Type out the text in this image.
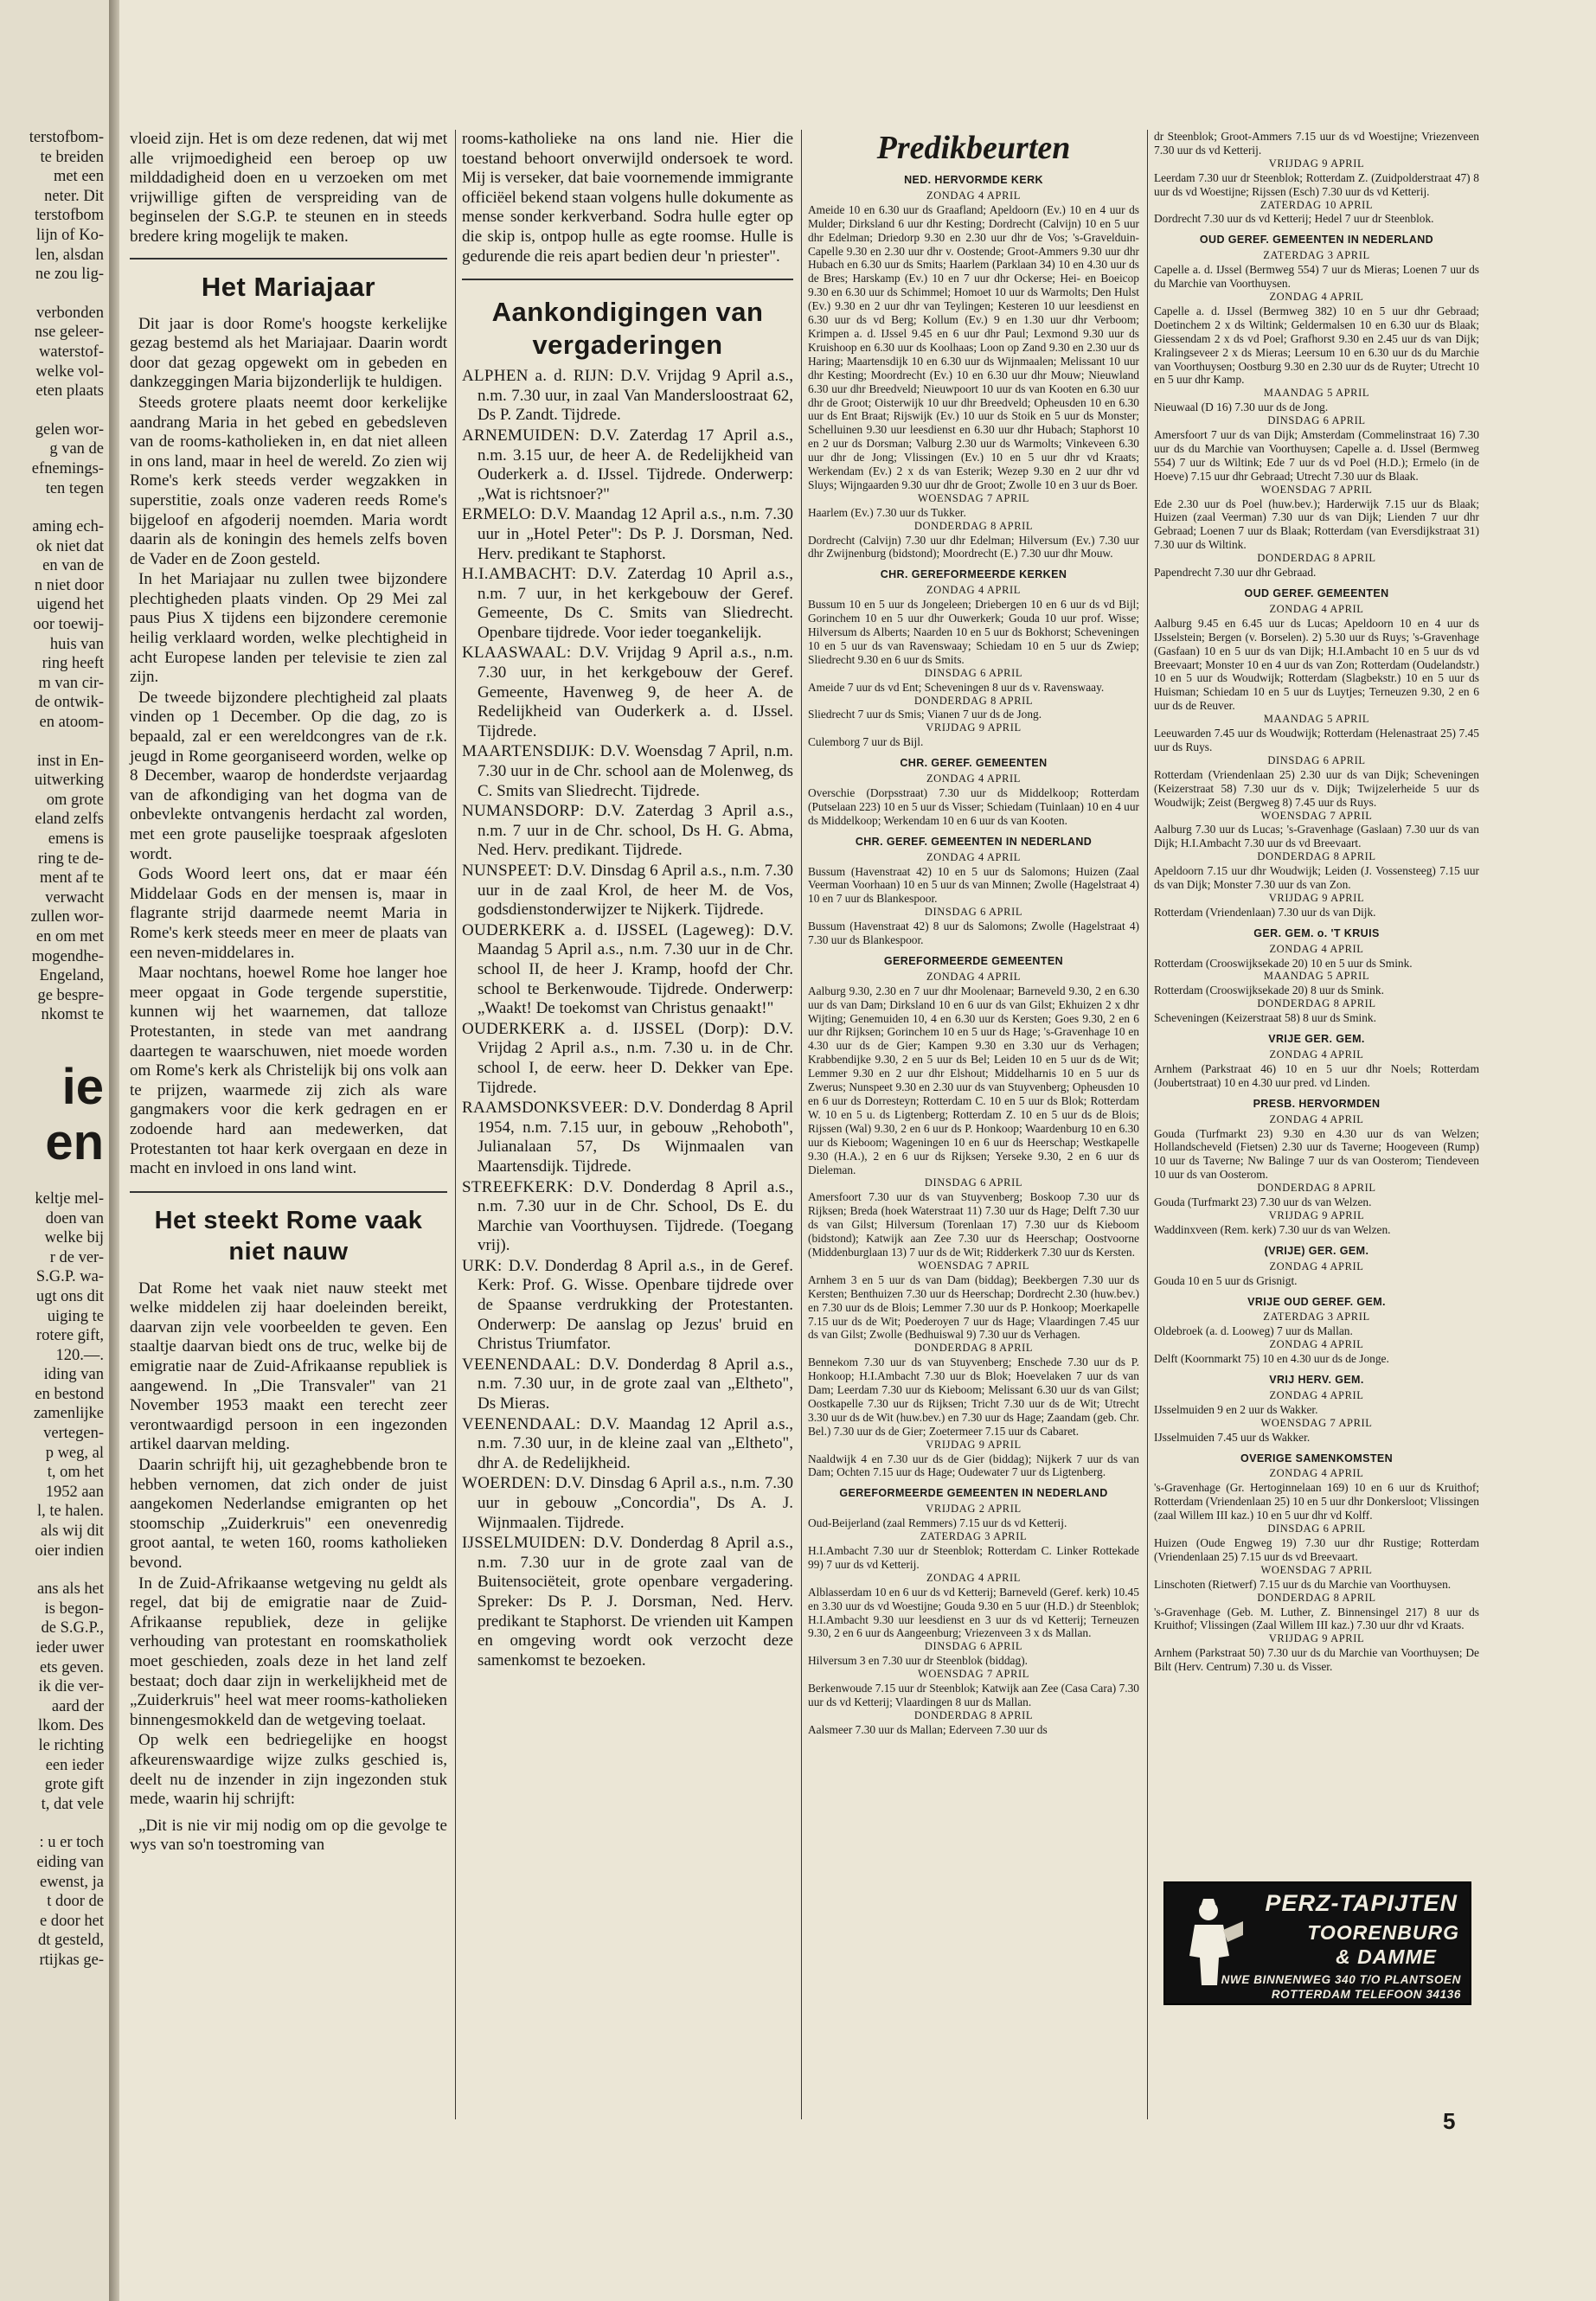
terstofbom-
te breiden
met een
neter. Dit
terstofbom
lijn of Ko-
len, alsdan
ne zou lig-
verbonden
nse geleer-
waterstof-
welke vol-
eten plaats
gelen wor-
g van de
efnemings-
ten tegen
aming ech-
ok niet dat
en van de
n niet door
uigend het
oor toewij-
huis van
ring heeft
m van cir-
de ontwik-
en atoom-
inst in En-
uitwerking
om grote
eland zelfs
emens is
ring te de-
ment af te
verwacht
zullen wor-
en om met
mogendhe-
Engeland,
ge bespre-
nkomst te
ie
en
keltje mel-
doen van
welke bij
r de ver-
S.G.P. wa-
ugt ons dit
uiging te
rotere gift,
120.—.
iding van
en bestond
zamenlijke
vertegen-
p weg, al
t, om het
1952 aan
l, te halen.
als wij dit
oier indien
ans als het
is begon-
de S.G.P.,
ieder uwer
ets geven.
ik die ver-
aard der
lkom. Des
le richting
een ieder
grote gift
t, dat vele
: u er toch
eiding van
ewenst, ja
t door de
e door het
dt gesteld,
rtijkas ge-

vloeid zijn. Het is om deze redenen, dat wij met alle vrijmoedigheid een beroep op uw milddadigheid doen en u verzoeken om met vrijwillige giften de verspreiding van de beginselen der S.G.P. te steunen en in steeds bredere kring mogelijk te maken.

Het Mariajaar

Dit jaar is door Rome's hoogste kerkelijke gezag bestemd als het Mariajaar. Daarin wordt door dat gezag opgewekt om in gebeden en dankzeggingen Maria bijzonderlijk te huldigen.

Steeds grotere plaats neemt door kerkelijke aandrang Maria in het gebed en gebedsleven van de rooms-katholieken in, en dat niet alleen in ons land, maar in heel de wereld. Zo zien wij Rome's kerk steeds verder wegzakken in superstitie, zoals onze vaderen reeds Rome's bijgeloof en afgoderij noemden. Maria wordt daarin als de koningin des hemels zelfs boven de Vader en de Zoon gesteld.

In het Mariajaar nu zullen twee bijzondere plechtigheden plaats vinden. Op 29 Mei zal paus Pius X tijdens een bijzondere ceremonie heilig verklaard worden, welke plechtigheid in acht Europese landen per televisie te zien zal zijn.

De tweede bijzondere plechtigheid zal plaats vinden op 1 December. Op die dag, zo is bepaald, zal er een wereldcongres van de r.k. jeugd in Rome georganiseerd worden, welke op 8 December, waarop de honderdste verjaardag van de afkondiging van het dogma van de onbevlekte ontvangenis herdacht zal worden, met een grote pauselijke toespraak afgesloten wordt.

Gods Woord leert ons, dat er maar één Middelaar Gods en der mensen is, maar in flagrante strijd daarmede neemt Maria in Rome's kerk steeds meer en meer de plaats van een neven-middelares in.

Maar nochtans, hoewel Rome hoe langer hoe meer opgaat in Gode tergende superstitie, kunnen wij het waarnemen, dat talloze Protestanten, in stede van met aandrang daartegen te waarschuwen, niet moede worden om Rome's kerk als Christelijk bij ons volk aan te prijzen, waarmede zij zich als ware gangmakers voor die kerk gedragen en er zodoende hard aan medewerken, dat Protestanten tot haar kerk overgaan en deze in macht en invloed in ons land wint.

Het steekt Rome vaak niet nauw

Dat Rome het vaak niet nauw steekt met welke middelen zij haar doeleinden bereikt, daarvan zijn vele voorbeelden te geven. Een staaltje daarvan biedt ons de truc, welke bij de emigratie naar de Zuid-Afrikaanse republiek is aangewend. In „Die Transvaler" van 21 November 1953 maakt een terecht zeer verontwaardigd persoon in een ingezonden artikel daarvan melding.

Daarin schrijft hij, uit gezaghebbende bron te hebben vernomen, dat zich onder de juist aangekomen Nederlandse emigranten op het stoomschip „Zuiderkruis" een onevenredig groot aantal, te weten 160, rooms katholieken bevond.

In de Zuid-Afrikaanse wetgeving nu geldt als regel, dat bij de emigratie naar de Zuid-Afrikaanse republiek, deze in gelijke verhouding van protestant en roomskatholiek moet geschieden, zoals deze in het land zelf bestaat; doch daar zijn in werkelijkheid met de „Zuiderkruis" heel wat meer rooms-katholieken binnengesmokkeld dan de wetgeving toelaat.

Op welk een bedriegelijke en hoogst afkeurenswaardige wijze zulks geschied is, deelt nu de inzender in zijn ingezonden stuk mede, waarin hij schrijft:

„Dit is nie vir mij nodig om op die gevolge te wys van so'n toestroming van

rooms-katholieke na ons land nie. Hier die toestand behoort onverwijld ondersoek te word. Mij is verseker, dat baie voornemende immigrante officiëel bekend staan volgens hulle dokumente as mense sonder kerkverband. Sodra hulle egter op die skip is, ontpop hulle as egte roomse. Hulle is gedurende die reis apart bedien deur 'n priester".

Aankondigingen van vergaderingen
ALPHEN a. d. RIJN: D.V. Vrijdag 9 April a.s., n.m. 7.30 uur, in zaal Van Mandersloostraat 62, Ds P. Zandt. Tijdrede.
ARNEMUIDEN: D.V. Zaterdag 17 April a.s., n.m. 3.15 uur, de heer A. de Redelijkheid van Ouderkerk a. d. IJssel. Tijdrede. Onderwerp: „Wat is richtsnoer?"
ERMELO: D.V. Maandag 12 April a.s., n.m. 7.30 uur in „Hotel Peter": Ds P. J. Dorsman, Ned. Herv. predikant te Staphorst.
H.I.AMBACHT: D.V. Zaterdag 10 April a.s., n.m. 7 uur, in het kerkgebouw der Geref. Gemeente, Ds C. Smits van Sliedrecht. Openbare tijdrede. Voor ieder toegankelijk.
KLAASWAAL: D.V. Vrijdag 9 April a.s., n.m. 7.30 uur, in het kerkgebouw der Geref. Gemeente, Havenweg 9, de heer A. de Redelijkheid van Ouderkerk a. d. IJssel. Tijdrede.
MAARTENSDIJK: D.V. Woensdag 7 April, n.m. 7.30 uur in de Chr. school aan de Molenweg, ds C. Smits van Sliedrecht. Tijdrede.
NUMANSDORP: D.V. Zaterdag 3 April a.s., n.m. 7 uur in de Chr. school, Ds H. G. Abma, Ned. Herv. predikant. Tijdrede.
NUNSPEET: D.V. Dinsdag 6 April a.s., n.m. 7.30 uur in de zaal Krol, de heer M. de Vos, godsdienstonderwijzer te Nijkerk. Tijdrede.
OUDERKERK a. d. IJSSEL (Lageweg): D.V. Maandag 5 April a.s., n.m. 7.30 uur in de Chr. school II, de heer J. Kramp, hoofd der Chr. school te Berkenwoude. Tijdrede. Onderwerp: „Waakt! De toekomst van Christus genaakt!"
OUDERKERK a. d. IJSSEL (Dorp): D.V. Vrijdag 2 April a.s., n.m. 7.30 u. in de Chr. school I, de eerw. heer D. Dekker van Epe. Tijdrede.
RAAMSDONKSVEER: D.V. Donderdag 8 April 1954, n.m. 7.15 uur, in gebouw „Rehoboth", Julianalaan 57, Ds Wijnmaalen van Maartensdijk. Tijdrede.
STREEFKERK: D.V. Donderdag 8 April a.s., n.m. 7.30 uur in de Chr. School, Ds E. du Marchie van Voorthuysen. Tijdrede. (Toegang vrij).
URK: D.V. Donderdag 8 April a.s., in de Geref. Kerk: Prof. G. Wisse. Openbare tijdrede over de Spaanse verdrukking der Protestanten. Onderwerp: De aanslag op Jezus' bruid en Christus Triumfator.
VEENENDAAL: D.V. Donderdag 8 April a.s., n.m. 7.30 uur, in de grote zaal van „Eltheto", Ds Mieras.
VEENENDAAL: D.V. Maandag 12 April a.s., n.m. 7.30 uur, in de kleine zaal van „Eltheto", dhr A. de Redelijkheid.
WOERDEN: D.V. Dinsdag 6 April a.s., n.m. 7.30 uur in gebouw „Concordia", Ds A. J. Wijnmaalen. Tijdrede.
IJSSELMUIDEN: D.V. Donderdag 8 April a.s., n.m. 7.30 uur in de grote zaal van de Buitensociëteit, grote openbare vergadering. Spreker: Ds P. J. Dorsman, Ned. Herv. predikant te Staphorst. De vrienden uit Kampen en omgeving wordt ook verzocht deze samenkomst te bezoeken.
Predikbeurten
NED. HERVORMDE KERK
ZONDAG 4 APRIL

Ameide 10 en 6.30 uur ds Graafland; Apeldoorn (Ev.) 10 en 4 uur ds Mulder; Dirksland 6 uur dhr Kesting; Dordrecht (Calvijn) 10 en 5 uur dhr Edelman; Driedorp 9.30 en 2.30 uur dhr de Vos; 's-Gravelduin-Capelle 9.30 en 2.30 uur dhr v. Oostende; Groot-Ammers 9.30 uur dhr Hubach en 6.30 uur ds Smits; Haarlem (Parklaan 34) 10 en 4.30 uur ds de Bres; Harskamp (Ev.) 10 en 7 uur dhr Ockerse; Hei- en Boeicop 9.30 en 6.30 uur ds Schimmel; Homoet 10 uur ds Warmolts; Den Hulst (Ev.) 9.30 en 2 uur dhr van Teylingen; Kesteren 10 uur leesdienst en 6.30 uur ds vd Berg; Kollum (Ev.) 9 en 1.30 uur dhr Verboom; Krimpen a. d. IJssel 9.45 en 6 uur dhr Paul; Lexmond 9.30 uur ds Kruishoop en 6.30 uur ds Koolhaas; Loon op Zand 9.30 en 2.30 uur ds Haring; Maartensdijk 10 en 6.30 uur ds Wijnmaalen; Melissant 10 uur dhr Kesting; Moordrecht (Ev.) 10 en 6.30 uur dhr Mouw; Nieuwland 6.30 uur dhr Breedveld; Nieuwpoort 10 uur ds van Kooten en 6.30 uur dhr de Groot; Oisterwijk 10 uur dhr Breedveld; Opheusden 10 en 6.30 uur ds Ent Braat; Rijswijk (Ev.) 10 uur ds Stoik en 5 uur ds Monster; Schelluinen 9.30 uur leesdienst en 6.30 uur dhr Hubach; Staphorst 10 en 2 uur ds Dorsman; Valburg 2.30 uur ds Warmolts; Vinkeveen 6.30 uur dhr de Jong; Vlissingen (Ev.) 10 en 5 uur dhr vd Kraats; Werkendam (Ev.) 2 x ds van Esterik; Wezep 9.30 en 2 uur dhr vd Sluys; Wijngaarden 9.30 uur dhr de Groot; Zwolle 10 en 3 uur ds Boer.

WOENSDAG 7 APRIL

Haarlem (Ev.) 7.30 uur ds Tukker.

DONDERDAG 8 APRIL

Dordrecht (Calvijn) 7.30 uur dhr Edelman; Hilversum (Ev.) 7.30 uur dhr Zwijnenburg (bidstond); Moordrecht (E.) 7.30 uur dhr Mouw.

CHR. GEREFORMEERDE KERKEN
ZONDAG 4 APRIL

Bussum 10 en 5 uur ds Jongeleen; Driebergen 10 en 6 uur ds vd Bijl; Gorinchem 10 en 5 uur dhr Ouwerkerk; Gouda 10 uur prof. Wisse; Hilversum ds Alberts; Naarden 10 en 5 uur ds Bokhorst; Scheveningen 10 en 5 uur ds van Ravenswaay; Schiedam 10 en 5 uur ds Zwiep; Sliedrecht 9.30 en 6 uur ds Smits.

DINSDAG 6 APRIL

Ameide 7 uur ds vd Ent; Scheveningen 8 uur ds v. Ravenswaay.

DONDERDAG 8 APRIL

Sliedrecht 7 uur ds Smis; Vianen 7 uur ds de Jong.

VRIJDAG 9 APRIL

Culemborg 7 uur ds Bijl.

CHR. GEREF. GEMEENTEN
ZONDAG 4 APRIL

Overschie (Dorpsstraat) 7.30 uur ds Middelkoop; Rotterdam (Putselaan 223) 10 en 5 uur ds Visser; Schiedam (Tuinlaan) 10 en 4 uur ds Middelkoop; Werkendam 10 en 6 uur ds van Kooten.

CHR. GEREF. GEMEENTEN IN NEDERLAND
ZONDAG 4 APRIL

Bussum (Havenstraat 42) 10 en 5 uur ds Salomons; Huizen (Zaal Veerman Voorhaan) 10 en 5 uur ds van Minnen; Zwolle (Hagelstraat 4) 10 en 7 uur ds Blankespoor.

DINSDAG 6 APRIL

Bussum (Havenstraat 42) 8 uur ds Salomons; Zwolle (Hagelstraat 4) 7.30 uur ds Blankespoor.

GEREFORMEERDE GEMEENTEN
ZONDAG 4 APRIL

Aalburg 9.30, 2.30 en 7 uur dhr Moolenaar; Barneveld 9.30, 2 en 6.30 uur ds van Dam; Dirksland 10 en 6 uur ds van Gilst; Ekhuizen 2 x dhr Wijting; Genemuiden 10, 4 en 6.30 uur ds Kersten; Goes 9.30, 2 en 6 uur dhr Rijksen; Gorinchem 10 en 5 uur ds Hage; 's-Gravenhage 10 en 4.30 uur ds de Gier; Kampen 9.30 en 3.30 uur ds Verhagen; Krabbendijke 9.30, 2 en 5 uur ds Bel; Leiden 10 en 5 uur ds de Wit; Lemmer 9.30 en 2 uur dhr Elshout; Middelharnis 10 en 5 uur ds Zwerus; Nunspeet 9.30 en 2.30 uur ds van Stuyvenberg; Opheusden 10 en 6 uur ds Dorresteyn; Rotterdam C. 10 en 5 uur ds Blok; Rotterdam W. 10 en 5 u. ds Ligtenberg; Rotterdam Z. 10 en 5 uur ds de Blois; Rijssen (Wal) 9.30, 2 en 6 uur ds P. Honkoop; Waardenburg 10 en 6.30 uur ds Kieboom; Wageningen 10 en 6 uur ds Heerschap; Westkapelle 9.30 (H.A.), 2 en 6 uur ds Rijksen; Yerseke 9.30, 2 en 6 uur ds Dieleman.

DINSDAG 6 APRIL

Amersfoort 7.30 uur ds van Stuyvenberg; Boskoop 7.30 uur ds Rijksen; Breda (hoek Waterstraat 11) 7.30 uur ds Hage; Delft 7.30 uur ds van Gilst; Hilversum (Torenlaan 17) 7.30 uur ds Kieboom (bidstond); Katwijk aan Zee 7.30 uur ds Heerschap; Oostvoorne (Middenburglaan 13) 7 uur ds de Wit; Ridderkerk 7.30 uur ds Kersten.

WOENSDAG 7 APRIL

Arnhem 3 en 5 uur ds van Dam (biddag); Beekbergen 7.30 uur ds Kersten; Benthuizen 7.30 uur ds Heerschap; Dordrecht 2.30 (huw.bev.) en 7.30 uur ds de Blois; Lemmer 7.30 uur ds P. Honkoop; Moerkapelle 7.15 uur ds de Wit; Poederoyen 7 uur ds Hage; Vlaardingen 7.45 uur ds van Gilst; Zwolle (Bedhuiswal 9) 7.30 uur ds Verhagen.

DONDERDAG 8 APRIL

Bennekom 7.30 uur ds van Stuyvenberg; Enschede 7.30 uur ds P. Honkoop; H.I.Ambacht 7.30 uur ds Blok; Hoevelaken 7 uur ds van Dam; Leerdam 7.30 uur ds Kieboom; Melissant 6.30 uur ds van Gilst; Oostkapelle 7.30 uur ds Rijksen; Tricht 7.30 uur ds de Wit; Utrecht 3.30 uur ds de Wit (huw.bev.) en 7.30 uur ds Hage; Zaandam (geb. Chr. Bel.) 7.30 uur ds de Gier; Zoetermeer 7.15 uur ds Cabaret.

VRIJDAG 9 APRIL

Naaldwijk 4 en 7.30 uur ds de Gier (biddag); Nijkerk 7 uur ds van Dam; Ochten 7.15 uur ds Hage; Oudewater 7 uur ds Ligtenberg.

GEREFORMEERDE GEMEENTEN IN NEDERLAND
VRIJDAG 2 APRIL

Oud-Beijerland (zaal Remmers) 7.15 uur ds vd Ketterij.

ZATERDAG 3 APRIL

H.I.Ambacht 7.30 uur dr Steenblok; Rotterdam C. Linker Rottekade 99) 7 uur ds vd Ketterij.

ZONDAG 4 APRIL

Alblasserdam 10 en 6 uur ds vd Ketterij; Barneveld (Geref. kerk) 10.45 en 3.30 uur ds vd Woestijne; Gouda 9.30 en 5 uur (H.D.) dr Steenblok; H.I.Ambacht 9.30 uur leesdienst en 3 uur ds vd Ketterij; Terneuzen 9.30, 2 en 6 uur ds Aangeenburg; Vriezenveen 3 x ds Mallan.

DINSDAG 6 APRIL

Hilversum 3 en 7.30 uur dr Steenblok (biddag).

WOENSDAG 7 APRIL

Berkenwoude 7.15 uur dr Steenblok; Katwijk aan Zee (Casa Cara) 7.30 uur ds vd Ketterij; Vlaardingen 8 uur ds Mallan.

DONDERDAG 8 APRIL

Aalsmeer 7.30 uur ds Mallan; Ederveen 7.30 uur ds

dr Steenblok; Groot-Ammers 7.15 uur ds vd Woestijne; Vriezenveen 7.30 uur ds vd Ketterij.

VRIJDAG 9 APRIL

Leerdam 7.30 uur dr Steenblok; Rotterdam Z. (Zuidpolderstraat 47) 8 uur ds vd Woestijne; Rijssen (Esch) 7.30 uur ds vd Ketterij.

ZATERDAG 10 APRIL

Dordrecht 7.30 uur ds vd Ketterij; Hedel 7 uur dr Steenblok.

OUD GEREF. GEMEENTEN IN NEDERLAND
ZATERDAG 3 APRIL

Capelle a. d. IJssel (Bermweg 554) 7 uur ds Mieras; Loenen 7 uur ds du Marchie van Voorthuysen.

ZONDAG 4 APRIL

Capelle a. d. IJssel (Bermweg 382) 10 en 5 uur dhr Gebraad; Doetinchem 2 x ds Wiltink; Geldermalsen 10 en 6.30 uur ds Blaak; Giessendam 2 x ds vd Poel; Grafhorst 9.30 en 2.45 uur ds van Dijk; Kralingseveer 2 x ds Mieras; Leersum 10 en 6.30 uur ds du Marchie van Voorthuysen; Oostburg 9.30 en 2.30 uur ds de Ruyter; Utrecht 10 en 5 uur dhr Kamp.

MAANDAG 5 APRIL

Nieuwaal (D 16) 7.30 uur ds de Jong.

DINSDAG 6 APRIL

Amersfoort 7 uur ds van Dijk; Amsterdam (Commelinstraat 16) 7.30 uur ds du Marchie van Voorthuysen; Capelle a. d. IJssel (Bermweg 554) 7 uur ds Wiltink; Ede 7 uur ds vd Poel (H.D.); Ermelo (in de Hoeve) 7.15 uur dhr Gebraad; Utrecht 7.30 uur ds Blaak.

WOENSDAG 7 APRIL

Ede 2.30 uur ds Poel (huw.bev.); Harderwijk 7.15 uur ds Blaak; Huizen (zaal Veerman) 7.30 uur ds van Dijk; Lienden 7 uur dhr Gebraad; Loenen 7 uur ds Blaak; Rotterdam (van Eversdijkstraat 31) 7.30 uur ds Wiltink.

DONDERDAG 8 APRIL

Papendrecht 7.30 uur dhr Gebraad.

OUD GEREF. GEMEENTEN
ZONDAG 4 APRIL

Aalburg 9.45 en 6.45 uur ds Lucas; Apeldoorn 10 en 4 uur ds IJsselstein; Bergen (v. Borselen). 2) 5.30 uur ds Ruys; 's-Gravenhage (Gasfaan) 10 en 5 uur ds van Dijk; H.I.Ambacht 10 en 5 uur ds vd Breevaart; Monster 10 en 4 uur ds van Zon; Rotterdam (Oudelandstr.) 10 en 5 uur ds Woudwijk; Rotterdam (Slagbekstr.) 10 en 5 uur ds Huisman; Schiedam 10 en 5 uur ds Luytjes; Terneuzen 9.30, 2 en 6 uur ds de Reuver.

MAANDAG 5 APRIL

Leeuwarden 7.45 uur ds Woudwijk; Rotterdam (Helenastraat 25) 7.45 uur ds Ruys.

DINSDAG 6 APRIL

Rotterdam (Vriendenlaan 25) 2.30 uur ds van Dijk; Scheveningen (Keizerstraat 58) 7.30 uur ds v. Dijk; Twijzelerheide 5 uur ds Woudwijk; Zeist (Bergweg 8) 7.45 uur ds Ruys.

WOENSDAG 7 APRIL

Aalburg 7.30 uur ds Lucas; 's-Gravenhage (Gaslaan) 7.30 uur ds van Dijk; H.I.Ambacht 7.30 uur ds vd Breevaart.

DONDERDAG 8 APRIL

Apeldoorn 7.15 uur dhr Woudwijk; Leiden (J. Vossensteeg) 7.15 uur ds van Dijk; Monster 7.30 uur ds van Zon.

VRIJDAG 9 APRIL

Rotterdam (Vriendenlaan) 7.30 uur ds van Dijk.

GER. GEM. o. 'T KRUIS
ZONDAG 4 APRIL

Rotterdam (Crooswijksekade 20) 10 en 5 uur ds Smink.

MAANDAG 5 APRIL

Rotterdam (Crooswijksekade 20) 8 uur ds Smink.

DONDERDAG 8 APRIL

Scheveningen (Keizerstraat 58) 8 uur ds Smink.

VRIJE GER. GEM.
ZONDAG 4 APRIL

Arnhem (Parkstraat 46) 10 en 5 uur dhr Noels; Rotterdam (Joubertstraat) 10 en 4.30 uur pred. vd Linden.

PRESB. HERVORMDEN
ZONDAG 4 APRIL

Gouda (Turfmarkt 23) 9.30 en 4.30 uur ds van Welzen; Hollandscheveld (Fietsen) 2.30 uur ds Taverne; Hoogeveen (Rump) 10 uur ds Taverne; Nw Balinge 7 uur ds van Oosterom; Tiendeveen 10 uur ds van Oosterom.

DONDERDAG 8 APRIL

Gouda (Turfmarkt 23) 7.30 uur ds van Welzen.

VRIJDAG 9 APRIL

Waddinxveen (Rem. kerk) 7.30 uur ds van Welzen.

(VRIJE) GER. GEM.
ZONDAG 4 APRIL

Gouda 10 en 5 uur ds Grisnigt.

VRIJE OUD GEREF. GEM.
ZATERDAG 3 APRIL

Oldebroek (a. d. Looweg) 7 uur ds Mallan.

ZONDAG 4 APRIL

Delft (Koornmarkt 75) 10 en 4.30 uur ds de Jonge.

VRIJ HERV. GEM.
ZONDAG 4 APRIL

IJsselmuiden 9 en 2 uur ds Wakker.

WOENSDAG 7 APRIL

IJsselmuiden 7.45 uur ds Wakker.

OVERIGE SAMENKOMSTEN
ZONDAG 4 APRIL

's-Gravenhage (Gr. Hertoginnelaan 169) 10 en 6 uur ds Kruithof; Rotterdam (Vriendenlaan 25) 10 en 5 uur dhr Donkersloot; Vlissingen (zaal Willem III kaz.) 10 en 5 uur dhr vd Kolff.

DINSDAG 6 APRIL

Huizen (Oude Engweg 19) 7.30 uur dhr Rustige; Rotterdam (Vriendenlaan 25) 7.15 uur ds vd Breevaart.

WOENSDAG 7 APRIL

Linschoten (Rietwerf) 7.15 uur ds du Marchie van Voorthuysen.

DONDERDAG 8 APRIL

's-Gravenhage (Geb. M. Luther, Z. Binnensingel 217) 8 uur ds Kruithof; Vlissingen (Zaal Willem III kaz.) 7.30 uur dhr vd Kraats.

VRIJDAG 9 APRIL

Arnhem (Parkstraat 50) 7.30 uur ds du Marchie van Voorthuysen; De Bilt (Herv. Centrum) 7.30 u. ds Visser.

PERZ-TAPIJTEN
TOORENBURG
& DAMME
NWE BINNENWEG 340 T/O PLANTSOEN
ROTTERDAM TELEFOON 34136
5
